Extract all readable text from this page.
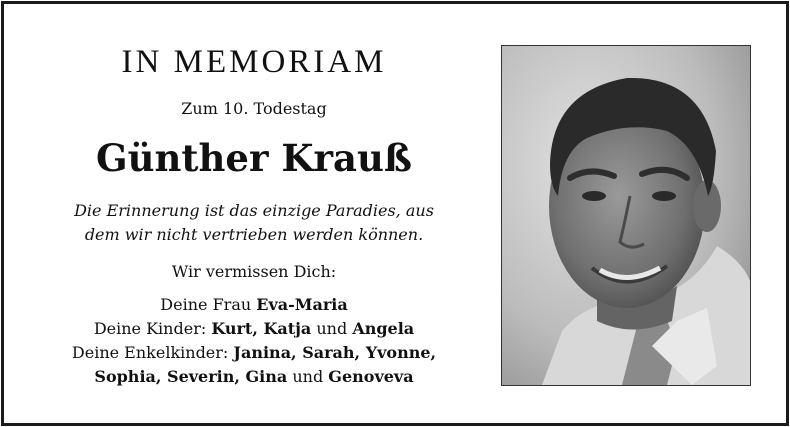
IN MEMORIAM
Zum 10. Todestag
Günther Krauß
Die Erinnerung ist das einzige Paradies, aus
dem wir nicht vertrieben werden können.
Wir vermissen Dich:
Deine Frau Eva-Maria
Deine Kinder: Kurt, Katja und Angela
Deine Enkelkinder: Janina, Sarah, Yvonne,
Sophia, Severin, Gina und Genoveva
